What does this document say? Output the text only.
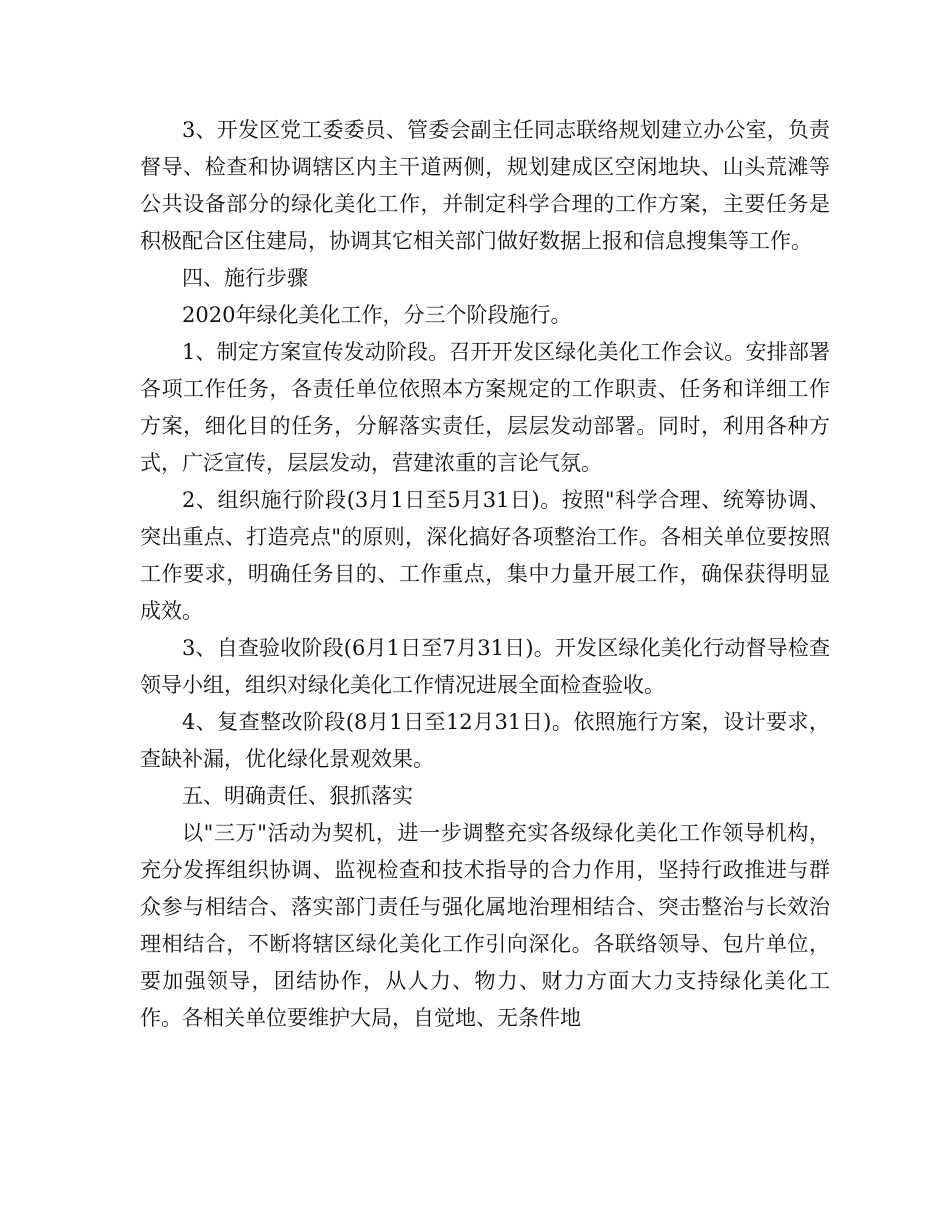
3、开发区党工委委员、管委会副主任同志联络规划建立办公室，负责督导、检查和协调辖区内主干道两侧，规划建成区空闲地块、山头荒滩等公共设备部分的绿化美化工作，并制定科学合理的工作方案，主要任务是积极配合区住建局，协调其它相关部门做好数据上报和信息搜集等工作。

四、施行步骤

2020年绿化美化工作，分三个阶段施行。

1、制定方案宣传发动阶段。召开开发区绿化美化工作会议。安排部署各项工作任务，各责任单位依照本方案规定的工作职责、任务和详细工作方案，细化目的任务，分解落实责任，层层发动部署。同时，利用各种方式，广泛宣传，层层发动，营建浓重的言论气氛。

2、组织施行阶段(3月1日至5月31日)。按照"科学合理、统筹协调、突出重点、打造亮点"的原则，深化搞好各项整治工作。各相关单位要按照工作要求，明确任务目的、工作重点，集中力量开展工作，确保获得明显成效。

3、自查验收阶段(6月1日至7月31日)。开发区绿化美化行动督导检查领导小组，组织对绿化美化工作情况进展全面检查验收。

4、复查整改阶段(8月1日至12月31日)。依照施行方案，设计要求，查缺补漏，优化绿化景观效果。

五、明确责任、狠抓落实

以"三万"活动为契机，进一步调整充实各级绿化美化工作领导机构，充分发挥组织协调、监视检查和技术指导的合力作用，坚持行政推进与群众参与相结合、落实部门责任与强化属地治理相结合、突击整治与长效治理相结合，不断将辖区绿化美化工作引向深化。各联络领导、包片单位，要加强领导，团结协作，从人力、物力、财力方面大力支持绿化美化工作。各相关单位要维护大局，自觉地、无条件地
